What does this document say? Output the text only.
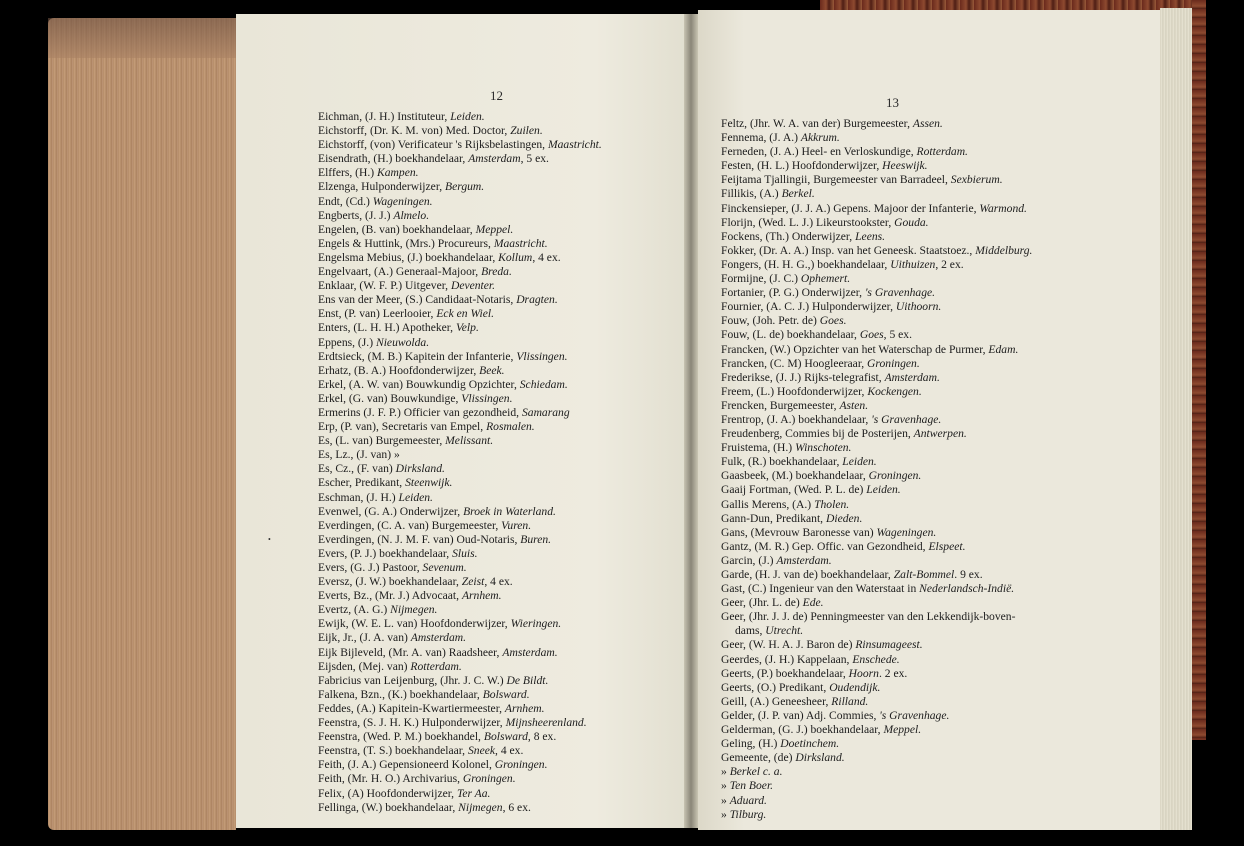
12	13
Eichman, (J. H.) Instituteur, Leiden.
Eichstorff, (Dr. K. M. von) Med. Doctor, Zuilen.
Eichstorff, (von) Verificateur 's Rijksbelastingen, Maastricht.
Eisendrath, (H.) boekhandelaar, Amsterdam, 5 ex.
Elffers, (H.) Kampen.
Elzenga, Hulponderwijzer, Bergum.
Endt, (Cd.) Wageningen.
Engberts, (J. J.) Almelo.
Engelen, (B. van) boekhandelaar, Meppel.
Engels & Huttink, (Mrs.) Procureurs, Maastricht.
Engelsma Mebius, (J.) boekhandelaar, Kollum, 4 ex.
Engelvaart, (A.) Generaal-Majoor, Breda.
Enklaar, (W. F. P.) Uitgever, Deventer.
Ens van der Meer, (S.) Candidaat-Notaris, Dragten.
Enst, (P. van) Leerlooier, Eck en Wiel.
Enters, (L. H. H.) Apotheker, Velp.
Eppens, (J.) Nieuwolda.
Erdtsieck, (M. B.) Kapitein der Infanterie, Vlissingen.
Erhatz, (B. A.) Hoofdonderwijzer, Beek.
Erkel, (A. W. van) Bouwkundig Opzichter, Schiedam.
Erkel, (G. van) Bouwkundige, Vlissingen.
Ermerins (J. F. P.) Officier van gezondheid, Samarang
Erp, (P. van), Secretaris van Empel, Rosmalen.
Es, (L. van) Burgemeester, Melissant.
Es, Lz., (J. van) »
Es, Cz., (F. van) Dirksland.
Escher, Predikant, Steenwijk.
Eschman, (J. H.) Leiden.
Evenwel, (G. A.) Onderwijzer, Broek in Waterland.
Everdingen, (C. A. van) Burgemeester, Vuren.
Everdingen, (N. J. M. F. van) Oud-Notaris, Buren.
Evers, (P. J.) boekhandelaar, Sluis.
Evers, (G. J.) Pastoor, Sevenum.
Eversz, (J. W.) boekhandelaar, Zeist, 4 ex.
Everts, Bz., (Mr. J.) Advocaat, Arnhem.
Evertz, (A. G.) Nijmegen.
Ewijk, (W. E. L. van) Hoofdonderwijzer, Wieringen.
Eijk, Jr., (J. A. van) Amsterdam.
Eijk Bijleveld, (Mr. A. van) Raadsheer, Amsterdam.
Eijsden, (Mej. van) Rotterdam.
Fabricius van Leijenburg, (Jhr. J. C. W.) De Bildt.
Falkena, Bzn., (K.) boekhandelaar, Bolsward.
Feddes, (A.) Kapitein-Kwartiermeester, Arnhem.
Feenstra, (S. J. H. K.) Hulponderwijzer, Mijnsheerenland.
Feenstra, (Wed. P. M.) boekhandel, Bolsward, 8 ex.
Feenstra, (T. S.) boekhandelaar, Sneek, 4 ex.
Feith, (J. A.) Gepensioneerd Kolonel, Groningen.
Feith, (Mr. H. O.) Archivarius, Groningen.
Felix, (A) Hoofdonderwijzer, Ter Aa.
Fellinga, (W.) boekhandelaar, Nijmegen, 6 ex.
Feltz, (Jhr. W. A. van der) Burgemeester, Assen.
Fennema, (J. A.) Akkrum.
Ferneden, (J. A.) Heel- en Verloskundige, Rotterdam.
Festen, (H. L.) Hoofdonderwijzer, Heeswijk.
Feijtama Tjallingii, Burgemeester van Barradeel, Sexbierum.
Fillikis, (A.) Berkel.
Finckensieper, (J. J. A.) Gepens. Majoor der Infanterie, Warmond.
Florijn, (Wed. L. J.) Likeurstookster, Gouda.
Fockens, (Th.) Onderwijzer, Leens.
Fokker, (Dr. A. A.) Insp. van het Geneesk. Staatstoez., Middelburg.
Fongers, (H. H. G.,) boekhandelaar, Uithuizen, 2 ex.
Formijne, (J. C.) Ophemert.
Fortanier, (P. G.) Onderwijzer, 's Gravenhage.
Fournier, (A. C. J.) Hulponderwijzer, Uithoorn.
Fouw, (Joh. Petr. de) Goes.
Fouw, (L. de) boekhandelaar, Goes, 5 ex.
Francken, (W.) Opzichter van het Waterschap de Purmer, Edam.
Francken, (C. M) Hoogleeraar, Groningen.
Frederikse, (J. J.) Rijks-telegrafist, Amsterdam.
Freem, (L.) Hoofdonderwijzer, Kockengen.
Frencken, Burgemeester, Asten.
Frentrop, (J. A.) boekhandelaar, 's Gravenhage.
Freudenberg, Commies bij de Posterijen, Antwerpen.
Fruistema, (H.) Winschoten.
Fulk, (R.) boekhandelaar, Leiden.
Gaasbeek, (M.) boekhandelaar, Groningen.
Gaaij Fortman, (Wed. P. L. de) Leiden.
Gallis Merens, (A.) Tholen.
Gann-Dun, Predikant, Dieden.
Gans, (Mevrouw Baronesse van) Wageningen.
Gantz, (M. R.) Gep. Offic. van Gezondheid, Elspeet.
Garcin, (J.) Amsterdam.
Garde, (H. J. van de) boekhandelaar, Zalt-Bommel. 9 ex.
Gast, (C.) Ingenieur van den Waterstaat in Nederlandsch-Indië.
Geer, (Jhr. L. de) Ede.
Geer, (Jhr. J. J. de) Penningmeester van den Lekkendijk-boven-
dams, Utrecht.
Geer, (W. H. A. J. Baron de) Rinsumageest.
Geerdes, (J. H.) Kappelaan, Enschede.
Geerts, (P.) boekhandelaar, Hoorn. 2 ex.
Geerts, (O.) Predikant, Oudendijk.
Geill, (A.) Geneesheer, Rilland.
Gelder, (J. P. van) Adj. Commies, 's Gravenhage.
Gelderman, (G. J.) boekhandelaar, Meppel.
Geling, (H.) Doetinchem.
Gemeente, (de) Dirksland.
» Berkel c. a.
» Ten Boer.
» Aduard.
» Tilburg.
•
